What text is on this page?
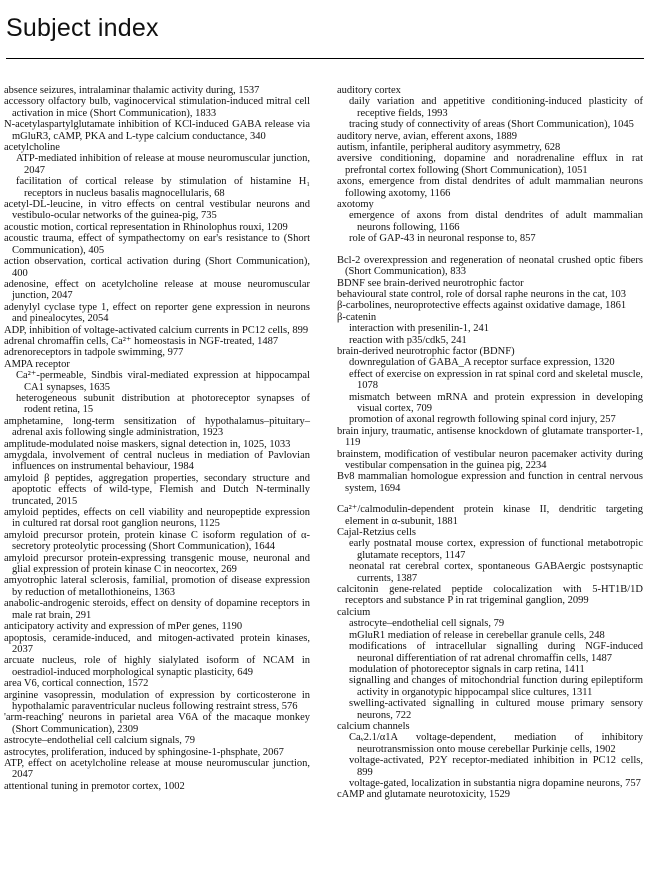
Subject index
absence seizures, intralaminar thalamic activity during, 1537
accessory olfactory bulb, vaginocervical stimulation-induced mitral cell activation in mice (Short Communication), 1833
N-acetylaspartylglutamate inhibition of KCl-induced GABA release via mGluR3, cAMP, PKA and L-type calcium conductance, 340
acetylcholine
ATP-mediated inhibition of release at mouse neuromuscular junction, 2047
facilitation of cortical release by stimulation of histamine H₁ receptors in nucleus basalis magnocellularis, 68
acetyl-DL-leucine, in vitro effects on central vestibular neurons and vestibulo-ocular networks of the guinea-pig, 735
acoustic motion, cortical representation in Rhinolophus rouxi, 1209
acoustic trauma, effect of sympathectomy on ear's resistance to (Short Communication), 405
action observation, cortical activation during (Short Communication), 400
adenosine, effect on acetylcholine release at mouse neuromuscular junction, 2047
adenylyl cyclase type 1, effect on reporter gene expression in neurons and pinealocytes, 2054
ADP, inhibition of voltage-activated calcium currents in PC12 cells, 899
adrenal chromaffin cells, Ca²⁺ homeostasis in NGF-treated, 1487
adrenoreceptors in tadpole swimming, 977
AMPA receptor
Ca²⁺-permeable, Sindbis viral-mediated expression at hippocampal CA1 synapses, 1635
heterogeneous subunit distribution at photoreceptor synapses of rodent retina, 15
amphetamine, long-term sensitization of hypothalamus–pituitary–adrenal axis following single administration, 1923
amplitude-modulated noise maskers, signal detection in, 1025, 1033
amygdala, involvement of central nucleus in mediation of Pavlovian influences on instrumental behaviour, 1984
amyloid β peptides, aggregation properties, secondary structure and apoptotic effects of wild-type, Flemish and Dutch N-terminally truncated, 2015
amyloid peptides, effects on cell viability and neuropeptide expression in cultured rat dorsal root ganglion neurons, 1125
amyloid precursor protein, protein kinase C isoform regulation of α-secretory proteolytic processing (Short Communication), 1644
amyloid precursor protein-expressing transgenic mouse, neuronal and glial expression of protein kinase C in neocortex, 269
amyotrophic lateral sclerosis, familial, promotion of disease expression by reduction of metallothioneins, 1363
anabolic-androgenic steroids, effect on density of dopamine receptors in male rat brain, 291
anticipatory activity and expression of mPer genes, 1190
apoptosis, ceramide-induced, and mitogen-activated protein kinases, 2037
arcuate nucleus, role of highly sialylated isoform of NCAM in oestradiol-induced morphological synaptic plasticity, 649
area V6, cortical connection, 1572
arginine vasopressin, modulation of expression by corticosterone in hypothalamic paraventricular nucleus following restraint stress, 576
'arm-reaching' neurons in parietal area V6A of the macaque monkey (Short Communication), 2309
astrocyte–endothelial cell calcium signals, 79
astrocytes, proliferation, induced by sphingosine-1-phsphate, 2067
ATP, effect on acetylcholine release at mouse neuromuscular junction, 2047
attentional tuning in premotor cortex, 1002
auditory cortex
daily variation and appetitive conditioning-induced plasticity of receptive fields, 1993
tracing study of connectivity of areas (Short Communication), 1045
auditory nerve, avian, efferent axons, 1889
autism, infantile, peripheral auditory asymmetry, 628
aversive conditioning, dopamine and noradrenaline efflux in rat prefrontal cortex following (Short Communication), 1051
axons, emergence from distal dendrites of adult mammalian neurons following axotomy, 1166
axotomy
emergence of axons from distal dendrites of adult mammalian neurons following, 1166
role of GAP-43 in neuronal response to, 857
Bcl-2 overexpression and regeneration of neonatal crushed optic fibers (Short Communication), 833
BDNF see brain-derived neurotrophic factor
behavioural state control, role of dorsal raphe neurons in the cat, 103
β-carbolines, neuroprotective effects against oxidative damage, 1861
β-catenin
interaction with presenilin-1, 241
reaction with p35/cdk5, 241
brain-derived neurotrophic factor (BDNF)
downregulation of GABA_A receptor surface expression, 1320
effect of exercise on expression in rat spinal cord and skeletal muscle, 1078
mismatch between mRNA and protein expression in developing visual cortex, 709
promotion of axonal regrowth following spinal cord injury, 257
brain injury, traumatic, antisense knockdown of glutamate transporter-1, 119
brainstem, modification of vestibular neuron pacemaker activity during vestibular compensation in the guinea pig, 2234
Bv8 mammalian homologue expression and function in central nervous system, 1694
Ca²⁺/calmodulin-dependent protein kinase II, dendritic targeting element in α-subunit, 1881
Cajal-Retzius cells
early postnatal mouse cortex, expression of functional metabotropic glutamate receptors, 1147
neonatal rat cerebral cortex, spontaneous GABAergic postsynaptic currents, 1387
calcitonin gene-related peptide colocalization with 5-HT1B/1D receptors and substance P in rat trigeminal ganglion, 2099
calcium
astrocyte–endothelial cell signals, 79
mGluR1 mediation of release in cerebellar granule cells, 248
modifications of intracellular signalling during NGF-induced neuronal differentiation of rat adrenal chromaffin cells, 1487
modulation of photoreceptor signals in carp retina, 1411
signalling and changes of mitochondrial function during epileptiform activity in organotypic hippocampal slice cultures, 1311
swelling-activated signalling in cultured mouse primary sensory neurons, 722
calcium channels
Caᵥ2.1/α1A voltage-dependent, mediation of inhibitory neurotransmission onto mouse cerebellar Purkinje cells, 1902
voltage-activated, P2Y receptor-mediated inhibition in PC12 cells, 899
voltage-gated, localization in substantia nigra dopamine neurons, 757
cAMP and glutamate neurotoxicity, 1529
